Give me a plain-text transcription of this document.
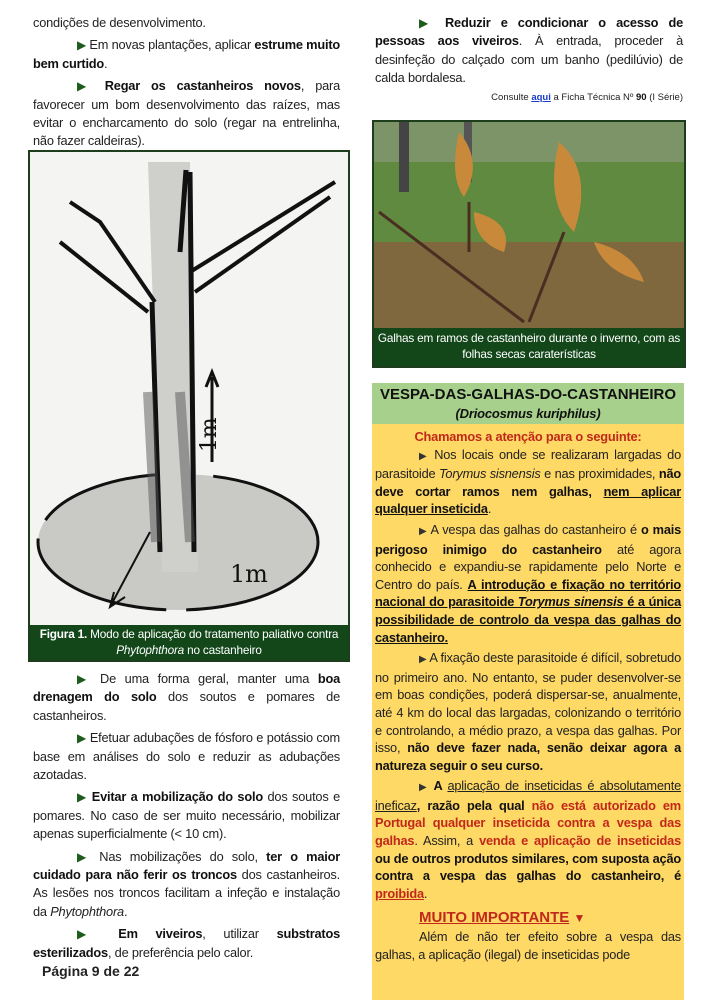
condições de desenvolvimento.

▶ Em novas plantações, aplicar estrume muito bem curtido.

▶ Regar os castanheiros novos, para favorecer um bom desenvolvimento das raízes, mas evitar o encharcamento do solo (regar na entrelinha, não fazer caldeiras).

1m
1m
Figura 1. Modo de aplicação do tratamento paliativo contra Phytophthora no castanheiro

▶ De uma forma geral, manter uma boa drenagem do solo dos soutos e pomares de castanheiros.

▶ Efetuar adubações de fósforo e potássio com base em análises do solo e reduzir as adubações azotadas.

▶ Evitar a mobilização do solo dos soutos e pomares. No caso de ser muito necessário, mobilizar apenas superficialmente (< 10 cm).

▶ Nas mobilizações do solo, ter o maior cuidado para não ferir os troncos dos castanheiros. As lesões nos troncos facilitam a infeção e instalação da Phytophthora.

▶ Em viveiros, utilizar substratos esterilizados, de preferência pelo calor.

Página 9 de 22

▶ Reduzir e condicionar o acesso de pessoas aos viveiros. À entrada, proceder à desinfeção do calçado com um banho (pedilúvio) de calda bordalesa.

Consulte aqui a Ficha Técnica Nº 90 (I Série)
Galhas em ramos de castanheiro durante o inverno, com as folhas secas caraterísticas
VESPA-DAS-GALHAS-DO-CASTANHEIRO
(Driocosmus kuriphilus)
Chamamos a atenção para o seguinte:

▶ Nos locais onde se realizaram largadas do parasitoide Torymus sisnensis e nas proximidades, não deve cortar ramos nem galhas, nem aplicar qualquer inseticida.

▶ A vespa das galhas do castanheiro é o mais perigoso inimigo do castanheiro até agora conhecido e expandiu-se rapidamente pelo Norte e Centro do país. A introdução e fixação no território nacional do parasitoide Torymus sinensis é a única possibilidade de controlo da vespa das galhas do castanheiro.

▶ A fixação deste parasitoide é difícil, sobretudo no primeiro ano. No entanto, se puder desenvolver-se em boas condições, poderá dispersar-se, anualmente, até 4 km do local das largadas, colonizando o território e controlando, a médio prazo, a vespa das galhas. Por isso, não deve fazer nada, senão deixar agora a natureza seguir o seu curso.

▶ A aplicação de inseticidas é absolutamente ineficaz, razão pela qual não está autorizado em Portugal qualquer inseticida contra a vespa das galhas. Assim, a venda e aplicação de inseticidas ou de outros produtos similares, com suposta ação contra a vespa das galhas do castanheiro, é proibida.

MUITO IMPORTANTE ▼

Além de não ter efeito sobre a vespa das galhas, a aplicação (ilegal) de inseticidas pode
